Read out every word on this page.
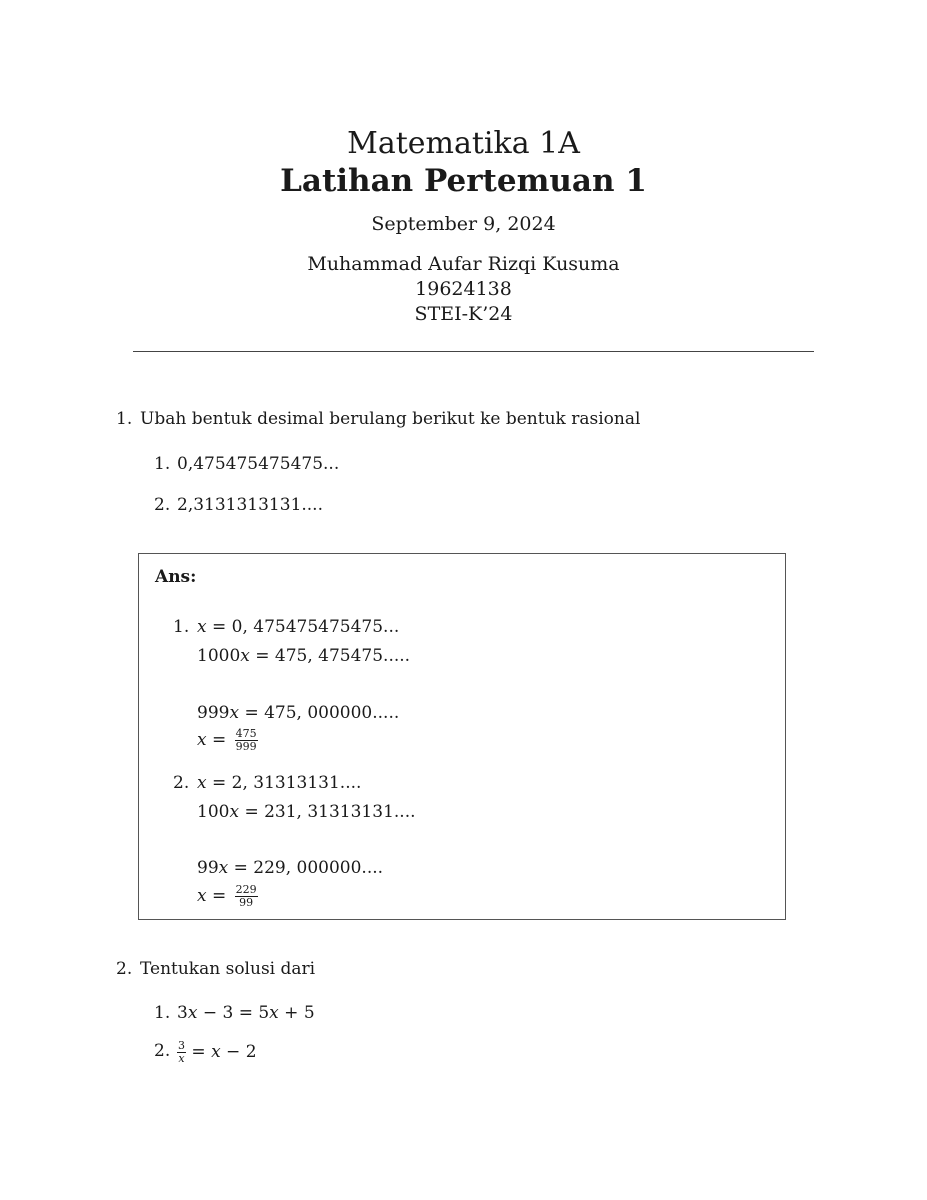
Matematika 1A
Latihan Pertemuan 1
September 9, 2024
Muhammad Aufar Rizqi Kusuma
19624138
STEI-K’24
1. Ubah bentuk desimal berulang berikut ke bentuk rasional
1. 0,475475475475...
2. 2,3131313131....
Ans:
1. x = 0, 475475475475...
1000x = 475, 475475.....
999x = 475, 000000.....
$x = \frac{475}{999}$
2. x = 2, 31313131....
100x = 231, 31313131....
99x = 229, 000000....
$x = \frac{229}{99}$
2. Tentukan solusi dari
1. 3x − 3 = 5x + 5
2. $\frac{3}{x} = x - 2$
